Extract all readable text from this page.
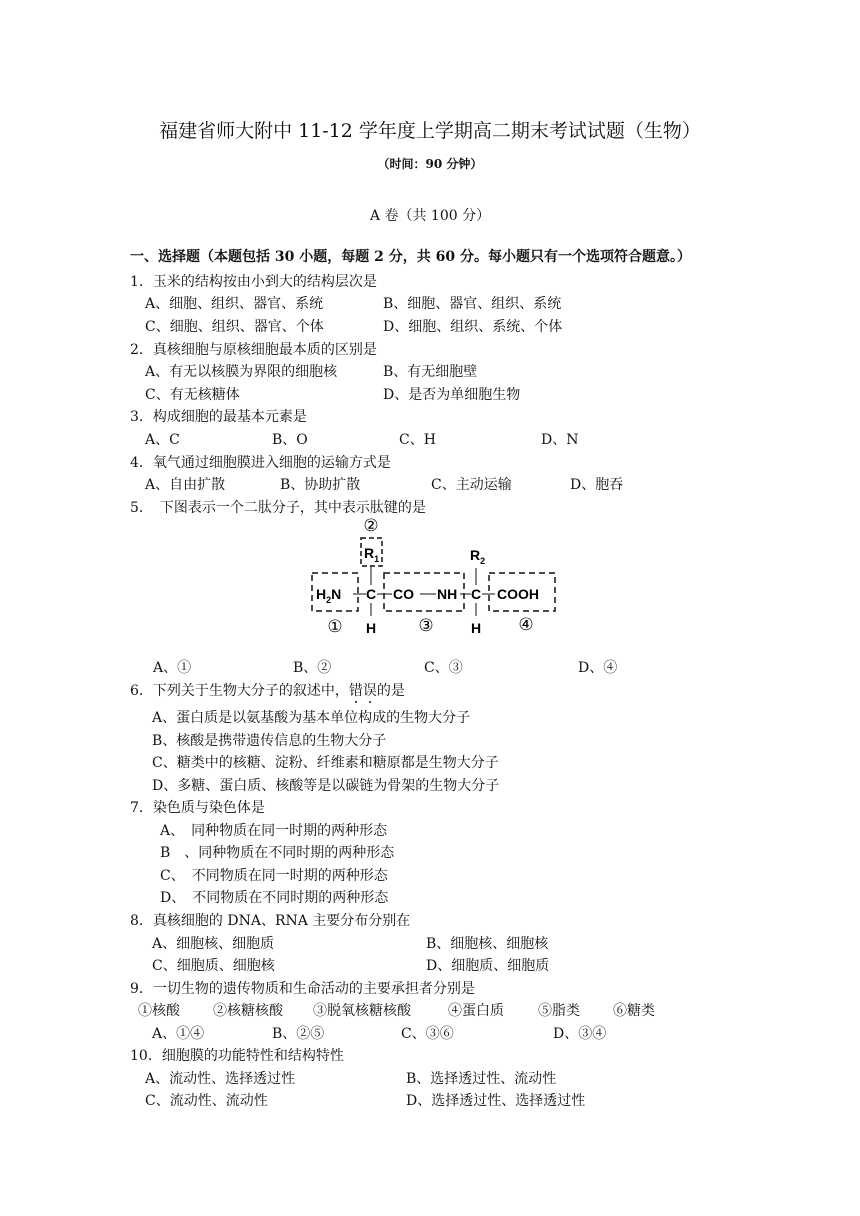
福建省师大附中 11-12 学年度上学期高二期末考试试题（生物）
（时间：90 分钟）
A 卷（共 100 分）
一、选择题（本题包括 30 小题，每题 2 分，共 60 分。每小题只有一个选项符合题意。）
1．玉米的结构按由小到大的结构层次是
A、细胞、组织、器官、系统	B、细胞、器官、组织、系统
C、细胞、组织、器官、个体	D、细胞、组织、系统、个体
2．真核细胞与原核细胞最本质的区别是
A、有无以核膜为界限的细胞核	B、有无细胞壁
C、有无核糖体	D、是否为单细胞生物
3．构成细胞的最基本元素是
A、C	B、O	C、H	D、N
4．氧气通过细胞膜进入细胞的运输方式是
A、自由扩散	B、协助扩散	C、主动运输	D、胞吞
5．　下图表示一个二肽分子，其中表示肽键的是
②
$R_1$	$R_2$
$H_2N$ C CO NH C COOH
H	H
①	③	④
A、①	B、②	C、③	D、④
6．下列关于生物大分子的叙述中，错误的是
A、蛋白质是以氨基酸为基本单位构成的生物大分子
B、核酸是携带遗传信息的生物大分子
C、糖类中的核糖、淀粉、纤维素和糖原都是生物大分子
D、多糖、蛋白质、核酸等是以碳链为骨架的生物大分子
7．染色质与染色体是
A、　同种物质在同一时期的两种形态
B　、同种物质在不同时期的两种形态
C、　不同物质在同一时期的两种形态
D、　不同物质在不同时期的两种形态
8．真核细胞的 DNA、RNA 主要分布分别在
A、细胞核、细胞质	B、细胞核、细胞核
C、细胞质、细胞核	D、细胞质、细胞质
9．一切生物的遗传物质和生命活动的主要承担者分别是
①核酸 ②核糖核酸 ③脱氧核糖核酸	④蛋白质 ⑤脂类 ⑥糖类
A、①④	B、②⑤	C、③⑥	D、③④
10．细胞膜的功能特性和结构特性
A、流动性、选择透过性	B、选择透过性、流动性
C、流动性、流动性	D、选择透过性、选择透过性
